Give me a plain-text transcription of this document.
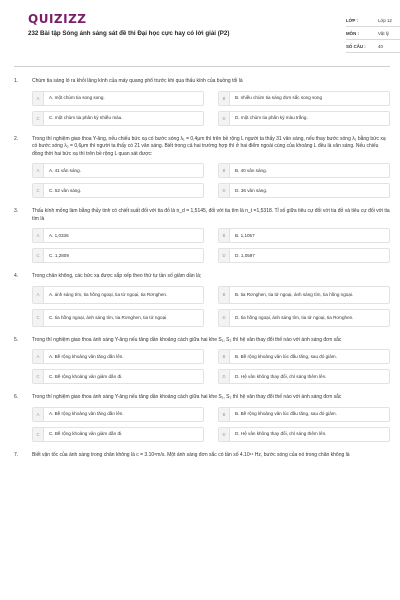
QUIZIZZ
232 Bài tập Sóng ánh sáng sát đề thi Đại học cực hay có lời giải (P2)
LỚP :	Lớp 12
MÔN :	Vật lý
SỐ CÂU :	40
1.	Chùm tia sáng ló ra khỏi lăng kính của máy quang phổ trước khi qua thấu kính của buồng tối là
A	A. một chùm tia song song.	B	B. nhiều chùm tia sáng đơn sắc song song
C	C. một chùm tia phân kỳ nhiều màu.	D	D. một chùm tia phân kỳ màu trắng.
2.	Trong thí nghiệm giao thoa Y-âng, nếu chiếu bức xạ có bước sóng λ₁ = 0,4μm thì trên bề rộng L người ta thấy 31 vân sáng, nếu thay bước sóng λ₁ bằng bức xạ có bước sóng λ₂ = 0,6μm thì người ta thấy có 21 vân sáng. Biết trong cả hai trường hợp thì ở hai điểm ngoài cùng của khoảng L đều là vân sáng. Nếu chiếu đồng thời hai bức xạ thì trên bề rộng L quan sát được:
A	A. 41 vân sáng.	B	B. 40 vân sáng.
C	C. 52 vân sáng.	D	D. 36 vân sáng.
3.	Thấu kính mỏng làm bằng thủy tinh có chiết suất đối với tia đỏ là n_d = 1,5145, đối với tia tím là n_t =1,5318. Tỉ số giữa tiêu cự đối với tia đỏ và tiêu cự đối với tia tím là
A	A. 1,0336	B	B. 1,1057
C	C. 1,2809	D	D. 1,0597
4.	Trong chân không, các bức xạ được sắp xếp theo thứ tự tần số giảm dần là;
A	A. ánh sáng tím, tia hồng ngoại, tia tử ngoại, tia Rơnghen.	B	B. tia Rơnghen, tia tử ngoại, ánh sáng tím, tia hồng ngoại.
C	C. tia hồng ngoại, ánh sáng tím, tia Rơnghen, tia tử ngoại	D	D. tia hồng ngoại, ánh sáng tím, tia tử ngoại, tia Rơnghen.
5.	Trong thí nghiệm giao thoa ánh sáng Y-âng nếu tăng dần khoảng cách giữa hai khe S₁, S₂ thì hệ vân thay đổi thế nào với ánh sáng đơn sắc
A	A. Bề rộng khoảng vân tăng dần lên.	B	B. Bề rộng khoảng vân lúc đầu tăng, sau đó giảm.
C	C. Bề rộng khoảng vân giảm dần đi.	D	D. Hệ vân không thay đổi, chỉ sáng thêm lên.
6.	Trong thí nghiệm giao thoa ánh sáng Y-âng nếu tăng dần khoảng cách giữa hai khe S₁, S₂ thì hệ vân thay đổi thế nào với ánh sáng đơn sắc
A	A. Bề rộng khoảng vân tăng dần lên.	B	B. Bề rộng khoảng vân lúc đầu tăng, sau đó giảm.
C	C. Bề rộng khoảng vân giảm dần đi.	D	D. Hệ vân không thay đổi, chỉ sáng thêm lên.
7.	Biết vận tốc của ánh sáng trong chân không là c = 3.10⁸m/s. Một ánh sáng đơn sắc có tần số 4.10¹⁴ Hz, bước sóng của nó trong chân không là
